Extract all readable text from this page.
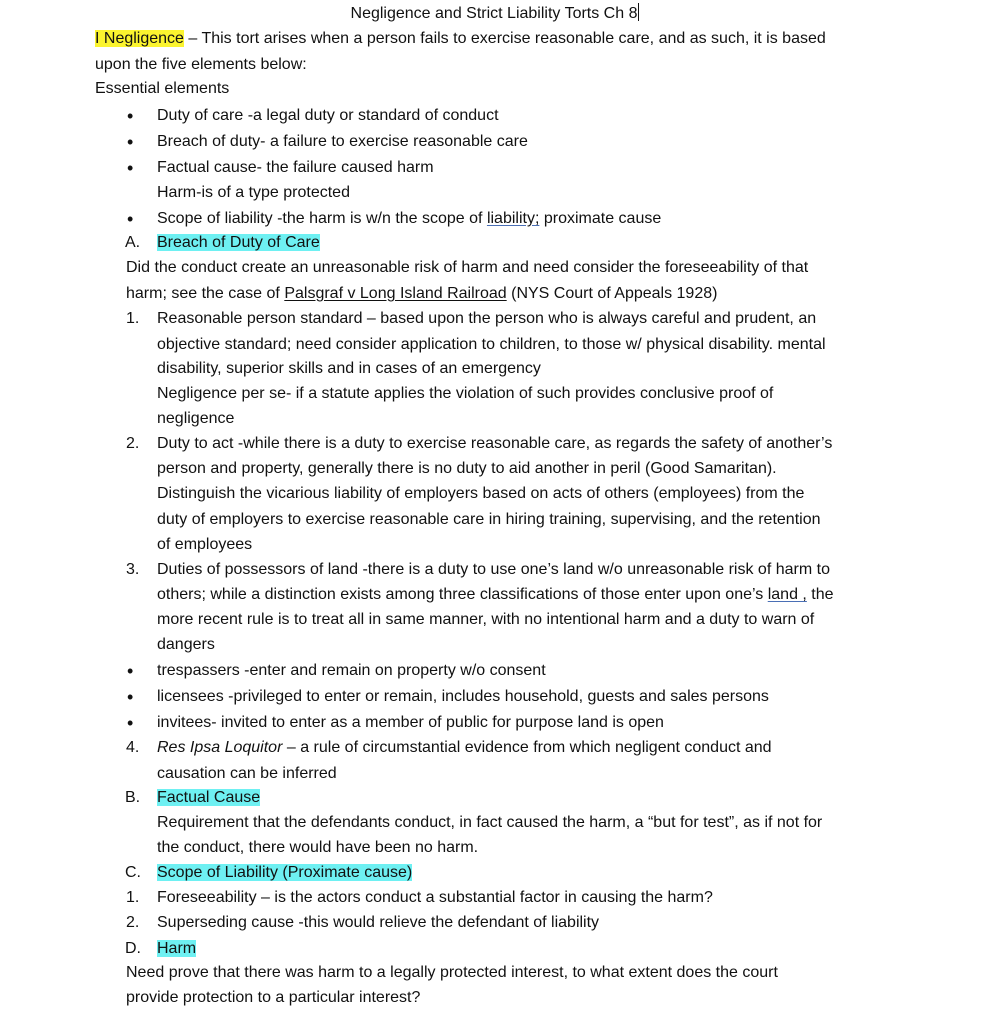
Negligence and Strict Liability Torts Ch 8
I Negligence – This tort arises when a person fails to exercise reasonable care, and as such, it is based
upon the five elements below:
Essential elements
• Duty of care -a legal duty or standard of conduct
• Breach of duty- a failure to exercise reasonable care
• Factual cause- the failure caused harm
Harm-is of a type protected
• Scope of liability -the harm is w/n the scope of liability; proximate cause
A. Breach of Duty of Care
Did the conduct create an unreasonable risk of harm and need consider the foreseeability of that
harm; see the case of Palsgraf v Long Island Railroad (NYS Court of Appeals 1928)
1. Reasonable person standard – based upon the person who is always careful and prudent, an
objective standard; need consider application to children, to those w/ physical disability. mental
disability, superior skills and in cases of an emergency
Negligence per se- if a statute applies the violation of such provides conclusive proof of
negligence
2. Duty to act -while there is a duty to exercise reasonable care, as regards the safety of another’s
person and property, generally there is no duty to aid another in peril (Good Samaritan).
Distinguish the vicarious liability of employers based on acts of others (employees) from the
duty of employers to exercise reasonable care in hiring training, supervising, and the retention
of employees
3. Duties of possessors of land -there is a duty to use one’s land w/o unreasonable risk of harm to
others; while a distinction exists among three classifications of those enter upon one’s land , the
more recent rule is to treat all in same manner, with no intentional harm and a duty to warn of
dangers
• trespassers -enter and remain on property w/o consent
• licensees -privileged to enter or remain, includes household, guests and sales persons
• invitees- invited to enter as a member of public for purpose land is open
4. Res Ipsa Loquitor – a rule of circumstantial evidence from which negligent conduct and
causation can be inferred
B. Factual Cause
Requirement that the defendants conduct, in fact caused the harm, a “but for test”, as if not for
the conduct, there would have been no harm.
C. Scope of Liability (Proximate cause)
1. Foreseeability – is the actors conduct a substantial factor in causing the harm?
2. Superseding cause -this would relieve the defendant of liability
D. Harm
Need prove that there was harm to a legally protected interest, to what extent does the court
provide protection to a particular interest?
